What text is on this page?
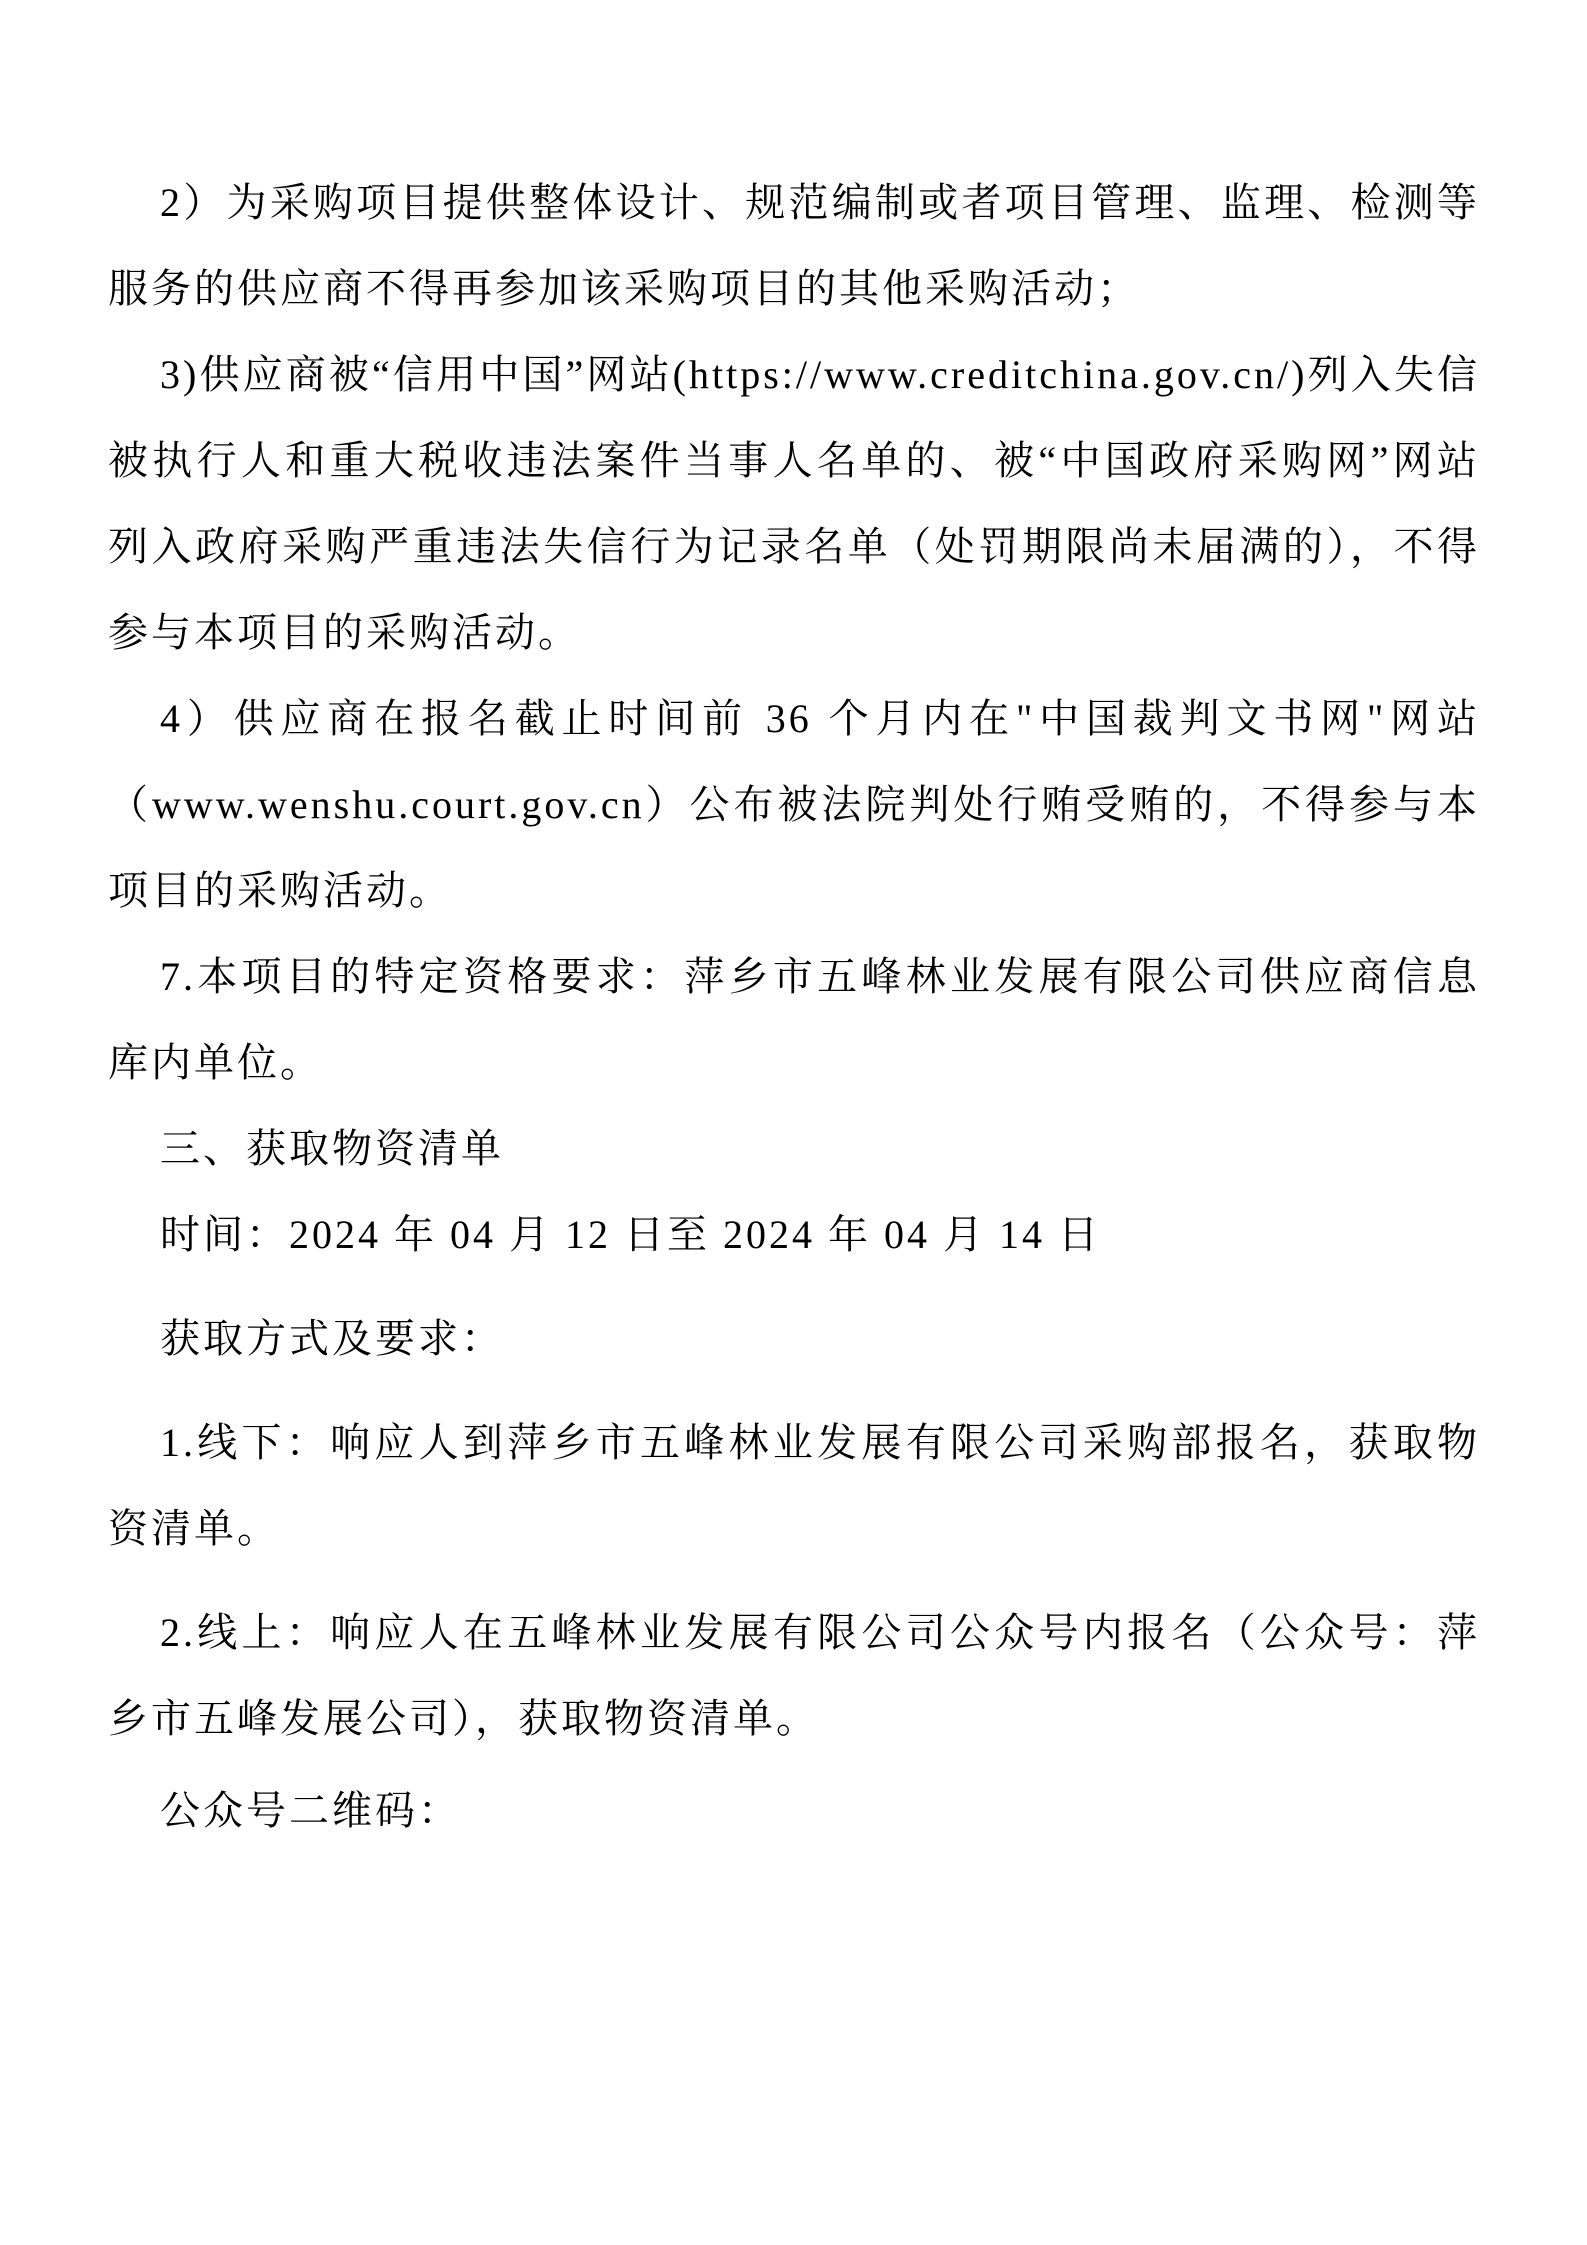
2）为采购项目提供整体设计、规范编制或者项目管理、监理、检测等服务的供应商不得再参加该采购项目的其他采购活动；

3)供应商被“信用中国”网站(https://www.creditchina.gov.cn/)列入失信被执行人和重大税收违法案件当事人名单的、被“中国政府采购网”网站列入政府采购严重违法失信行为记录名单（处罚期限尚未届满的），不得参与本项目的采购活动。

4）供应商在报名截止时间前 36 个月内在"中国裁判文书网"网站（www.wenshu.court.gov.cn）公布被法院判处行贿受贿的，不得参与本项目的采购活动。

7.本项目的特定资格要求：萍乡市五峰林业发展有限公司供应商信息库内单位。

三、获取物资清单

时间：2024 年 04 月 12 日至 2024 年 04 月 14 日

获取方式及要求：

1.线下：响应人到萍乡市五峰林业发展有限公司采购部报名，获取物资清单。

2.线上：响应人在五峰林业发展有限公司公众号内报名（公众号：萍乡市五峰发展公司），获取物资清单。

公众号二维码：
